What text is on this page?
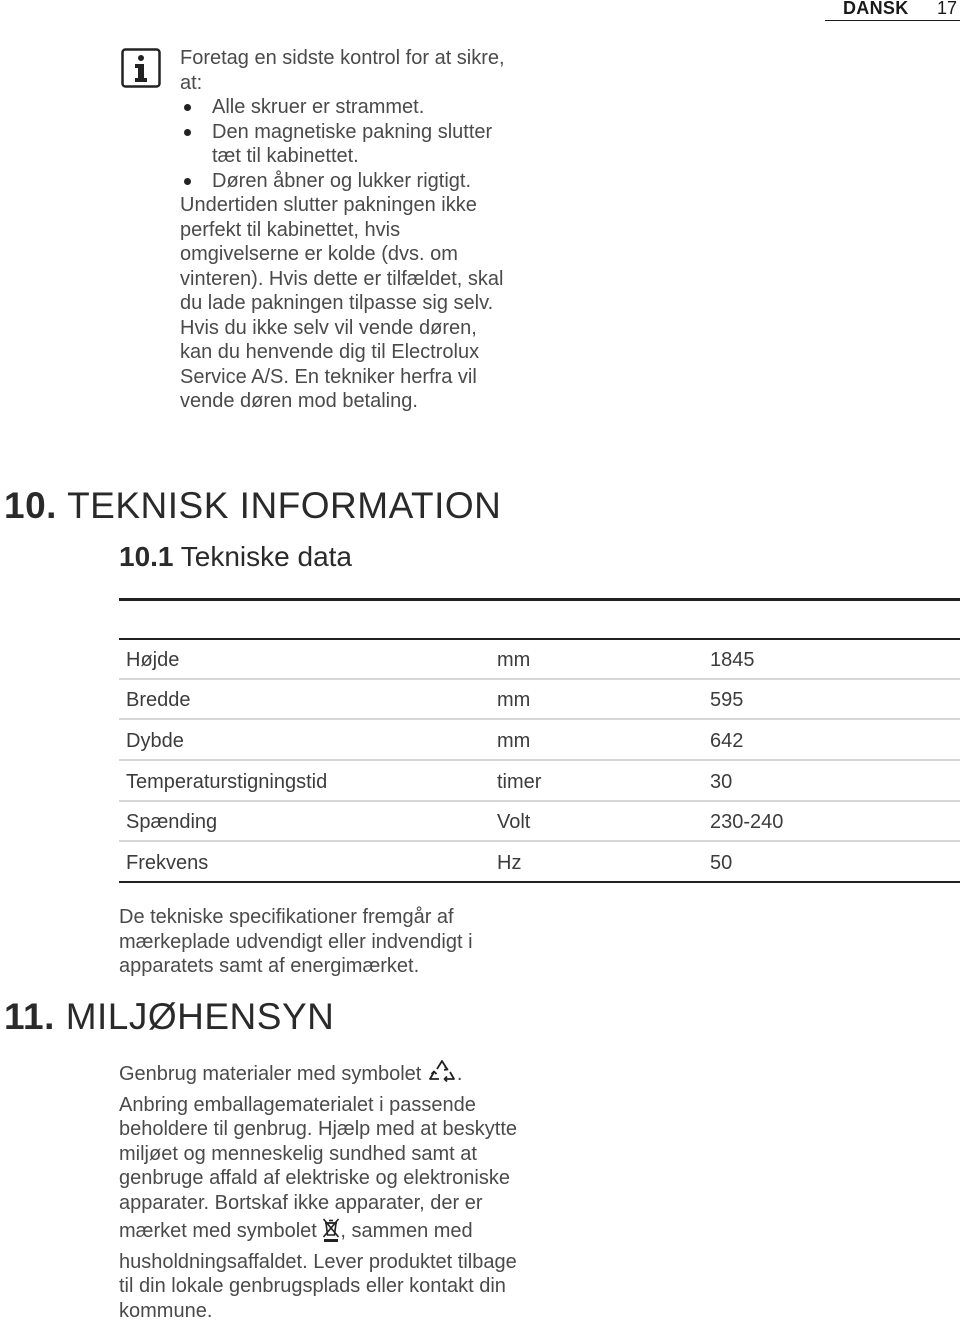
DANSK 17

Foretag en sidste kontrol for at sikre, at:

Alle skruer er strammet.
Den magnetiske pakning slutter tæt til kabinettet.
Døren åbner og lukker rigtigt.

Undertiden slutter pakningen ikke perfekt til kabinettet, hvis omgivelserne er kolde (dvs. om vinteren). Hvis dette er tilfældet, skal du lade pakningen tilpasse sig selv. Hvis du ikke selv vil vende døren, kan du henvende dig til Electrolux Service A/S. En tekniker herfra vil vende døren mod betaling.

10. TEKNISK INFORMATION
10.1 Tekniske data
Højde	mm	1845
Bredde	mm	595
Dybde	mm	642
Temperaturstigningstid	timer	30
Spænding	Volt	230-240
Frekvens	Hz	50

De tekniske specifikationer fremgår af mærkeplade udvendigt eller indvendigt i apparatets samt af energimærket.

11. MILJØHENSYN

Genbrug materialer med symbolet . Anbring emballagematerialet i passende beholdere til genbrug. Hjælp med at beskytte miljøet og menneskelig sundhed samt at genbruge affald af elektriske og elektroniske apparater. Bortskaf ikke apparater, der er mærket med symbolet , sammen med husholdningsaffaldet. Lever produktet tilbage til din lokale genbrugsplads eller kontakt din kommune.
